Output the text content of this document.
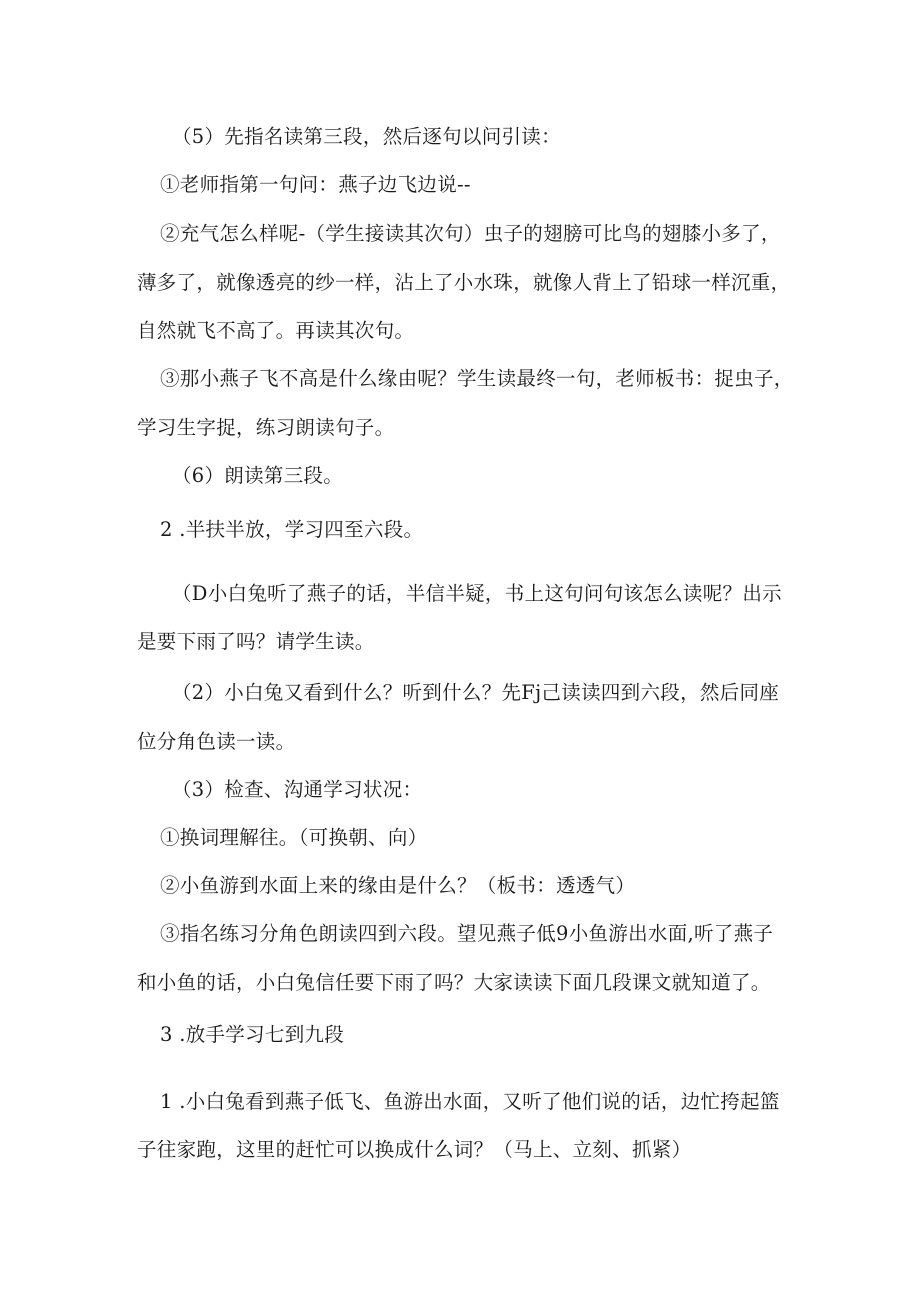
（5）先指名读第三段，然后逐句以问引读：
①老师指第一句问：燕子边飞边说--
②充气怎么样呢-（学生接读其次句）虫子的翅膀可比鸟的翅膝小多了，
薄多了，就像透亮的纱一样，沾上了小水珠，就像人背上了铅球一样沉重，
自然就飞不高了。再读其次句。
③那小燕子飞不高是什么缘由呢？学生读最终一句，老师板书：捉虫子，
学习生字捉，练习朗读句子。
（6）朗读第三段。
2 .半扶半放，学习四至六段。
（D小白兔听了燕子的话，半信半疑，书上这句问句该怎么读呢？出示
是要下雨了吗？请学生读。
（2）小白兔又看到什么？听到什么？先Fj己读读四到六段，然后同座
位分角色读一读。
（3）检查、沟通学习状况：
①换词理解往。（可换朝、向）
②小鱼游到水面上来的缘由是什么？（板书：透透气）
③指名练习分角色朗读四到六段。望见燕子低9小鱼游出水面,听了燕子
和小鱼的话，小白兔信任要下雨了吗？大家读读下面几段课文就知道了。
3 .放手学习七到九段
1 .小白兔看到燕子低飞、鱼游出水面，又听了他们说的话，边忙挎起篮
子往家跑，这里的赶忙可以换成什么词？（马上、立刻、抓紧）
